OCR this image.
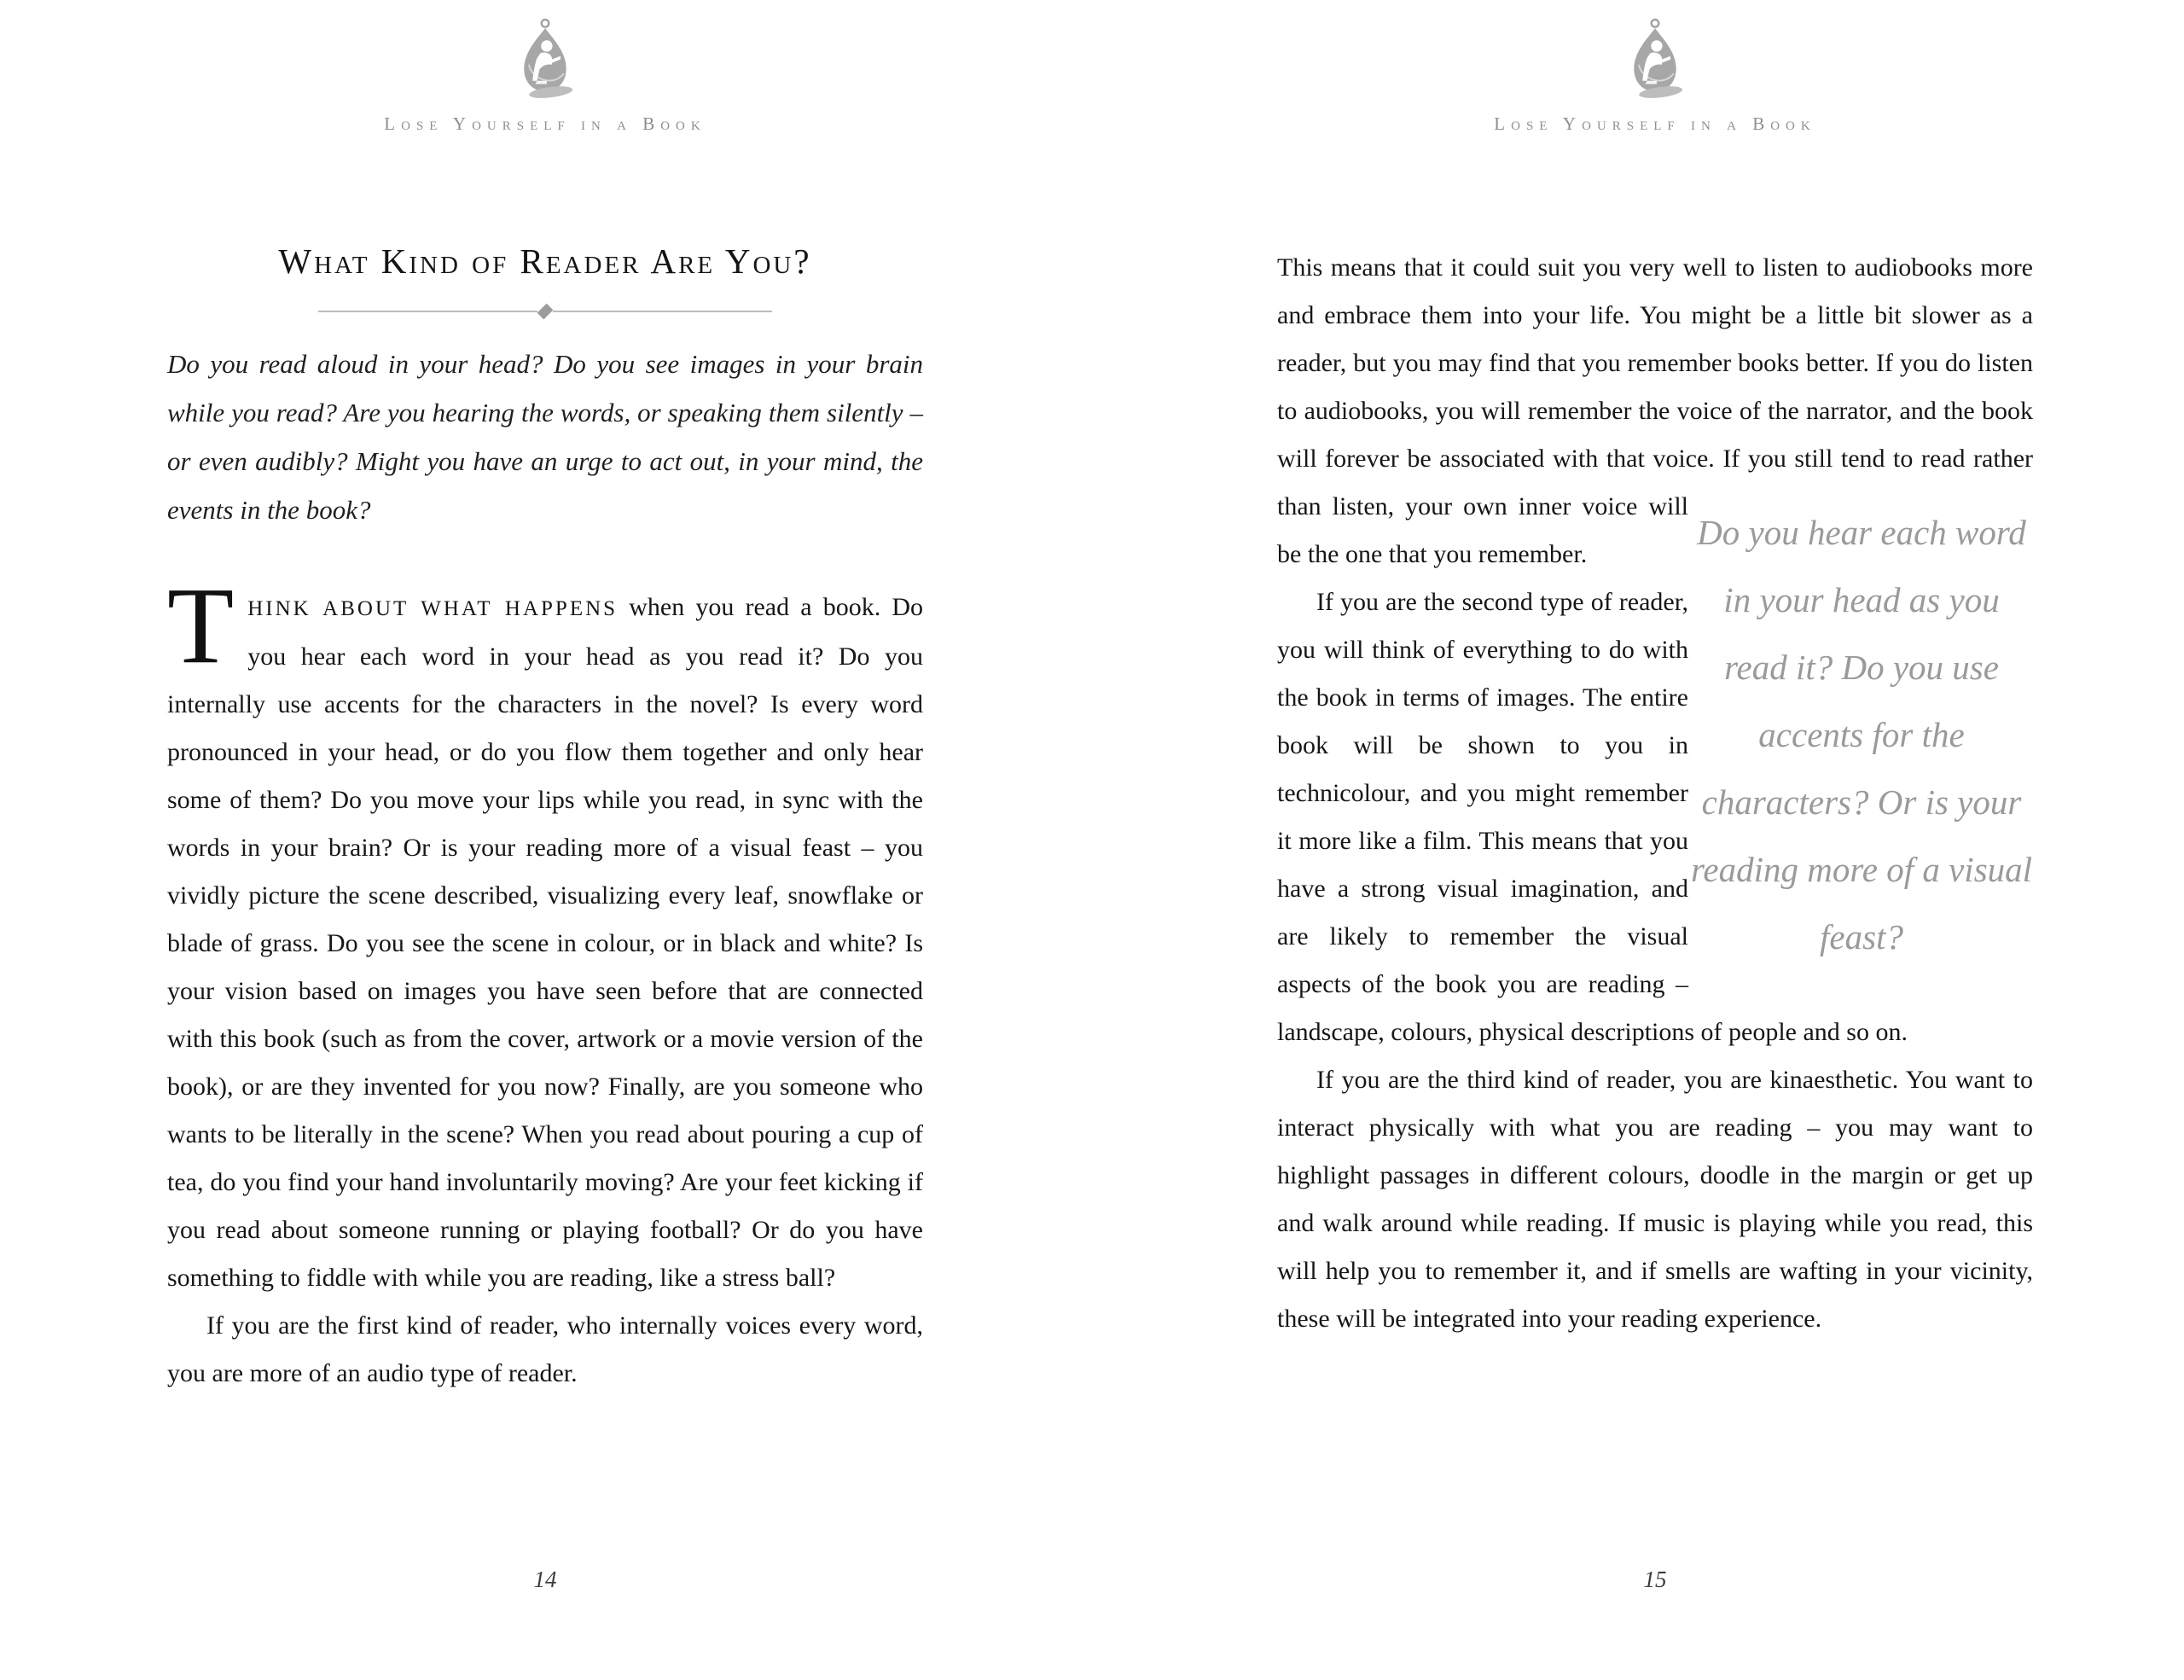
Lose Yourself in a Book
What Kind of Reader Are You?

Do you read aloud in your head? Do you see images in your brain while you read? Are you hearing the words, or speaking them silently – or even audibly? Might you have an urge to act out, in your mind, the events in the book?

THINK ABOUT WHAT HAPPENS when you read a book. Do you hear each word in your head as you read it? Do you internally use accents for the characters in the novel? Is every word pronounced in your head, or do you flow them together and only hear some of them? Do you move your lips while you read, in sync with the words in your brain? Or is your reading more of a visual feast – you vividly picture the scene described, visualizing every leaf, snowflake or blade of grass. Do you see the scene in colour, or in black and white? Is your vision based on images you have seen before that are connected with this book (such as from the cover, artwork or a movie version of the book), or are they invented for you now? Finally, are you someone who wants to be literally in the scene? When you read about pouring a cup of tea, do you find your hand involuntarily moving? Are your feet kicking if you read about someone running or playing football? Or do you have something to fiddle with while you are reading, like a stress ball?

If you are the first kind of reader, who internally voices every word, you are more of an audio type of reader.

14
Lose Yourself in a Book
Do you hear each word in your head as you read it? Do you use accents for the characters? Or is your reading more of a visual feast?

This means that it could suit you very well to listen to audiobooks more and embrace them into your life. You might be a little bit slower as a reader, but you may find that you remember books better. If you do listen to audiobooks, you will remember the voice of the narrator, and the book will forever be associated with that voice. If you still tend to read rather than listen, your own inner voice will be the one that you remember.

If you are the second type of reader, you will think of everything to do with the book in terms of images. The entire book will be shown to you in technicolour, and you might remember it more like a film. This means that you have a strong visual imagination, and are likely to remember the visual aspects of the book you are reading – landscape, colours, physical descriptions of people and so on.

If you are the third kind of reader, you are kinaesthetic. You want to interact physically with what you are reading – you may want to highlight passages in different colours, doodle in the margin or get up and walk around while reading. If music is playing while you read, this will help you to remember it, and if smells are wafting in your vicinity, these will be integrated into your reading experience.

15
